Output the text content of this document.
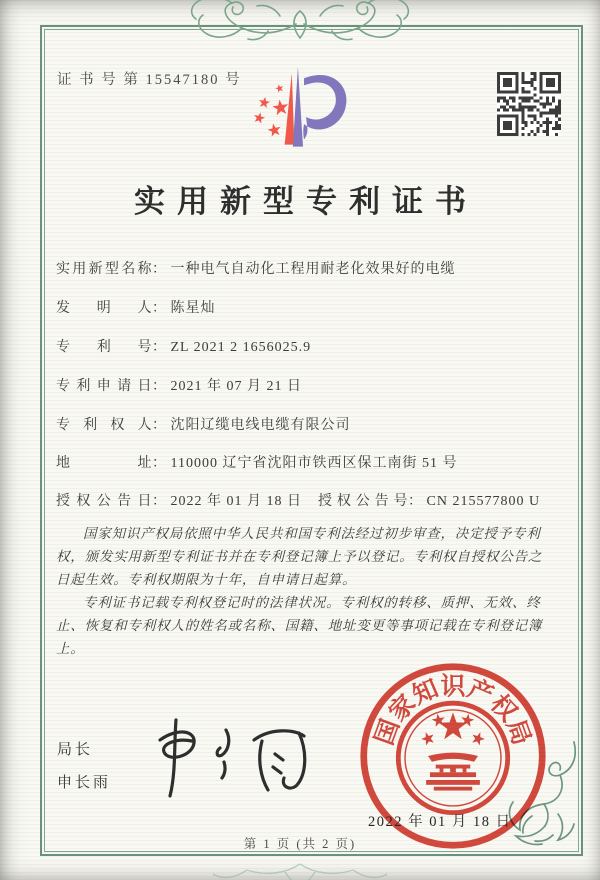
证 书 号 第 15547180 号
实用新型专利证书
实用新型名称： 一种电气自动化工程用耐老化效果好的电缆
发明人： 陈星灿
专利号： ZL 2021 2 1656025.9
专利申请日： 2021 年 07 月 21 日
专利权人： 沈阳辽缆电线电缆有限公司
地址： 110000 辽宁省沈阳市铁西区保工南街 51 号
授权公告日： 2022 年 01 月 18 日 授权公告号： CN 215577800 U

国家知识产权局依照中华人民共和国专利法经过初步审查，决定授予专利权，颁发实用新型专利证书并在专利登记簿上予以登记。专利权自授权公告之日起生效。专利权期限为十年，自申请日起算。

专利证书记载专利权登记时的法律状况。专利权的转移、质押、无效、终止、恢复和专利权人的姓名或名称、国籍、地址变更等事项记载在专利登记簿上。

局长
申长雨
国
家
知
识
产
权
局
2022 年 01 月 18 日
第 1 页 (共 2 页)
